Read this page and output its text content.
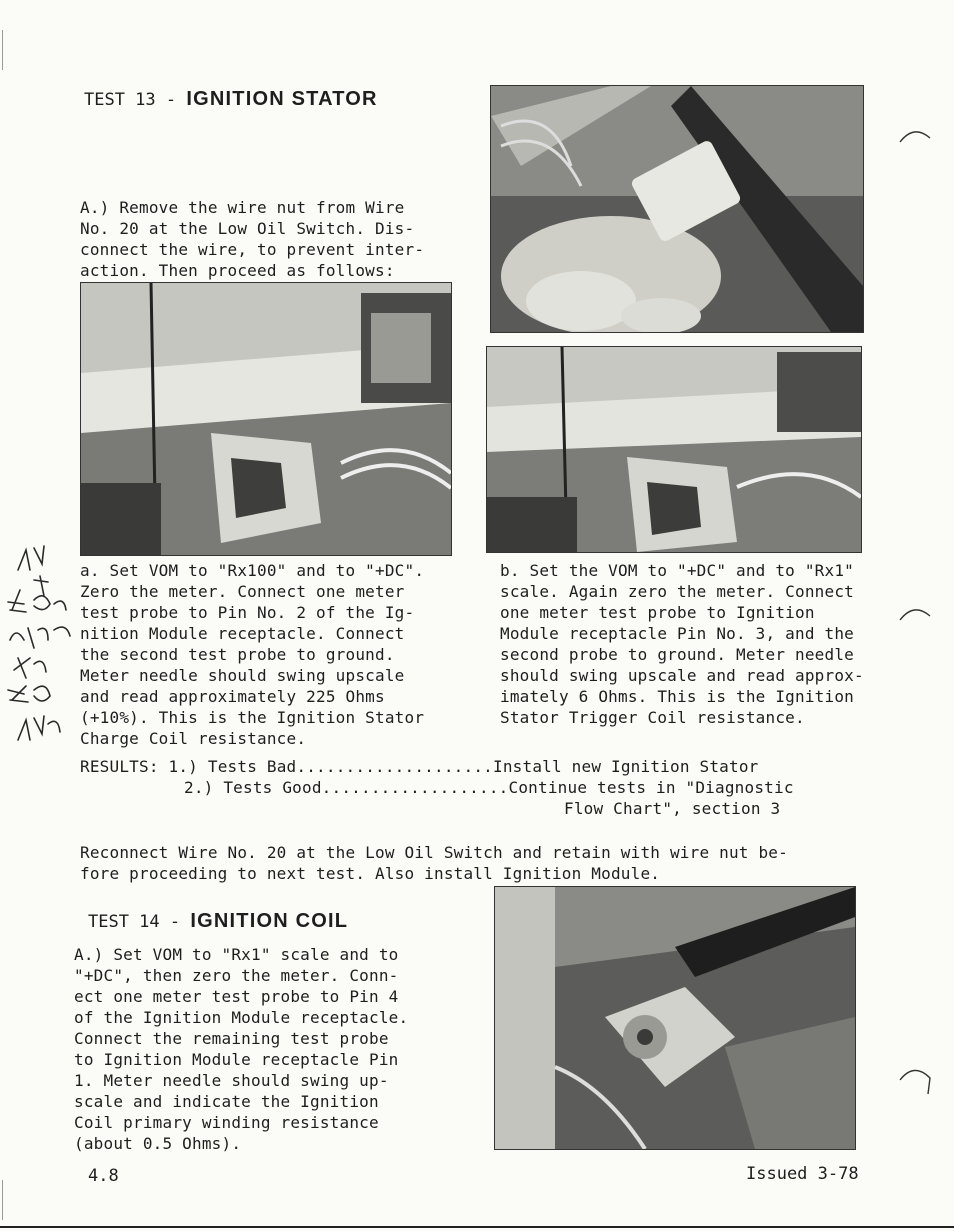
TEST 13 - IGNITION STATOR
A.) Remove the wire nut from Wire
No. 20 at the Low Oil Switch. Dis-
connect the wire, to prevent inter-
action. Then proceed as follows:
a. Set VOM to "Rx100" and to "+DC".
Zero the meter. Connect one meter
test probe to Pin No. 2 of the Ig-
nition Module receptacle. Connect
the second test probe to ground.
Meter needle should swing upscale
and read approximately 225 Ohms
(+10%). This is the Ignition Stator
Charge Coil resistance.
b. Set the VOM to "+DC" and to "Rx1"
scale. Again zero the meter. Connect
one meter test probe to Ignition
Module receptacle Pin No. 3, and the
second probe to ground. Meter needle
should swing upscale and read approx-
imately 6 Ohms. This is the Ignition
Stator Trigger Coil resistance.
RESULTS: 1.) Tests Bad....................Install new Ignition Stator
2.) Tests Good...................Continue tests in "Diagnostic
Flow Chart", section 3
Reconnect Wire No. 20 at the Low Oil Switch and retain with wire nut be-
fore proceeding to next test. Also install Ignition Module.
TEST 14 - IGNITION COIL
A.) Set VOM to "Rx1" scale and to
"+DC", then zero the meter. Conn-
ect one meter test probe to Pin 4
of the Ignition Module receptacle.
Connect the remaining test probe
to Ignition Module receptacle Pin
1. Meter needle should swing up-
scale and indicate the Ignition
Coil primary winding resistance
(about 0.5 Ohms).
4.8	Issued 3-78
